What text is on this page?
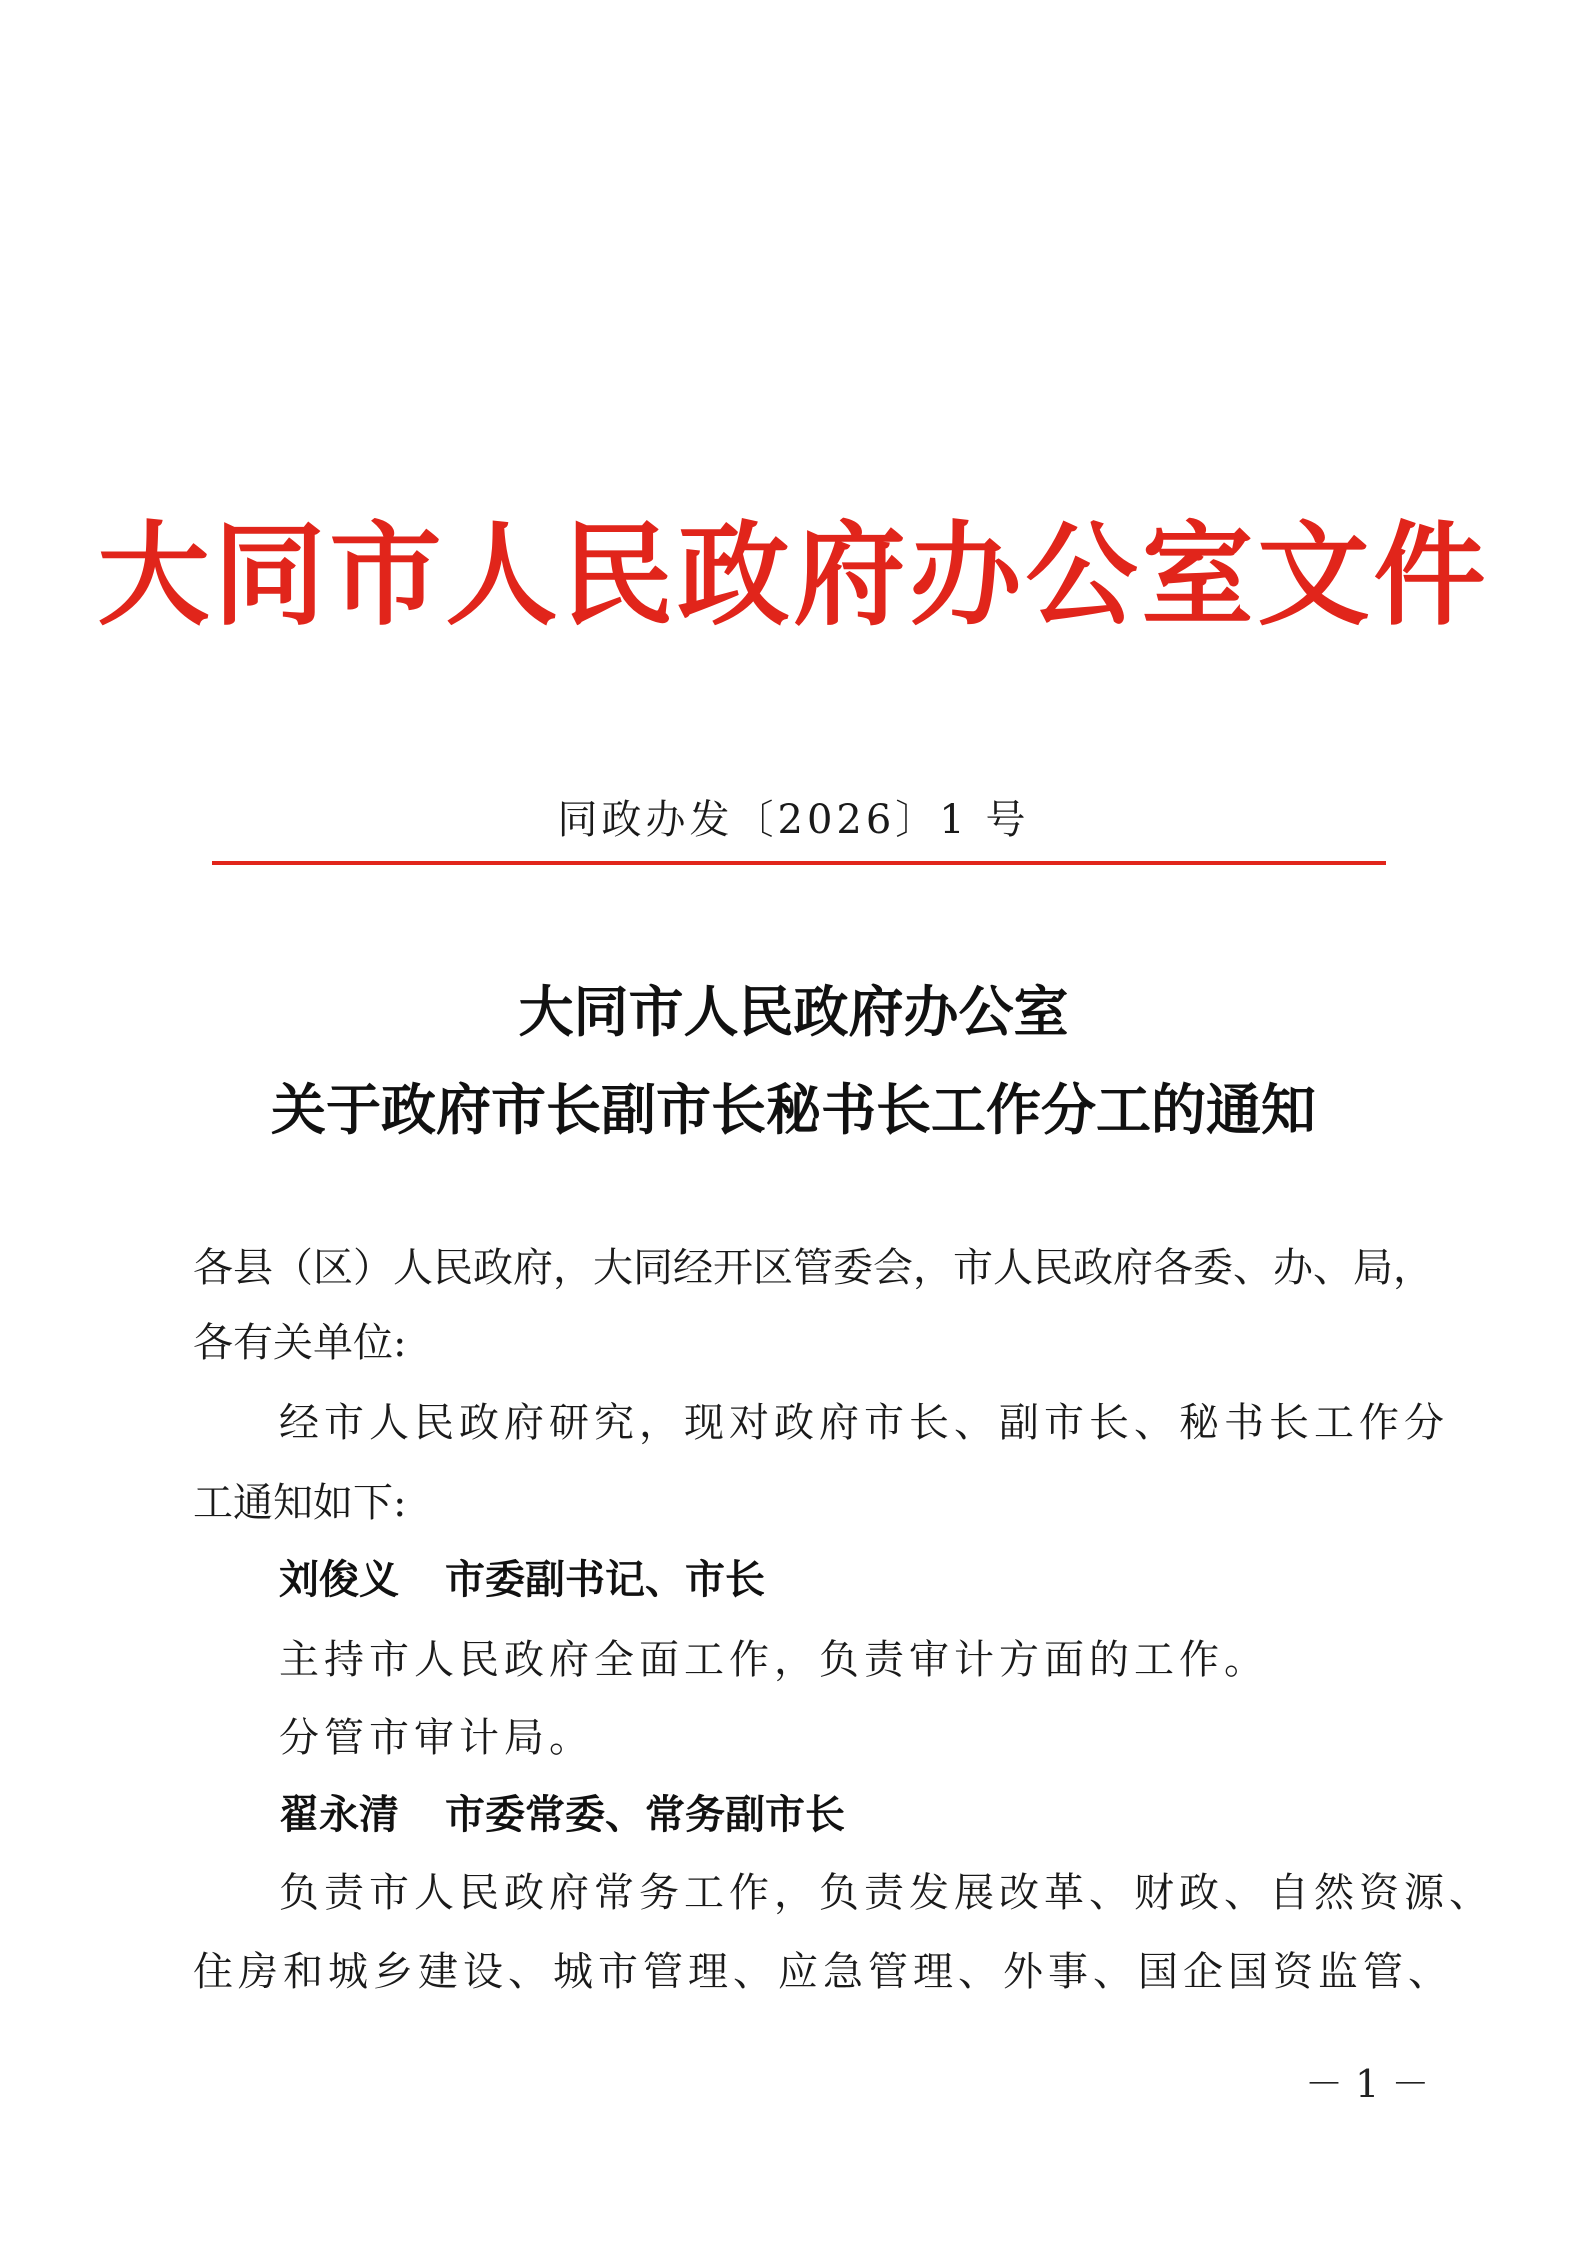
大同市人民政府办公室文件
同政办发〔2026〕1 号
大同市人民政府办公室
关于政府市长副市长秘书长工作分工的通知
各县（区）人民政府，大同经开区管委会，市人民政府各委、办、局，
各有关单位:
经市人民政府研究，现对政府市长、副市长、秘书长工作分
工通知如下:
刘俊义 市委副书记、市长
主持市人民政府全面工作，负责审计方面的工作。
分管市审计局。
翟永清 市委常委、常务副市长
负责市人民政府常务工作，负责发展改革、财政、自然资源、
住房和城乡建设、城市管理、应急管理、外事、国企国资监管、
－ 1 －
